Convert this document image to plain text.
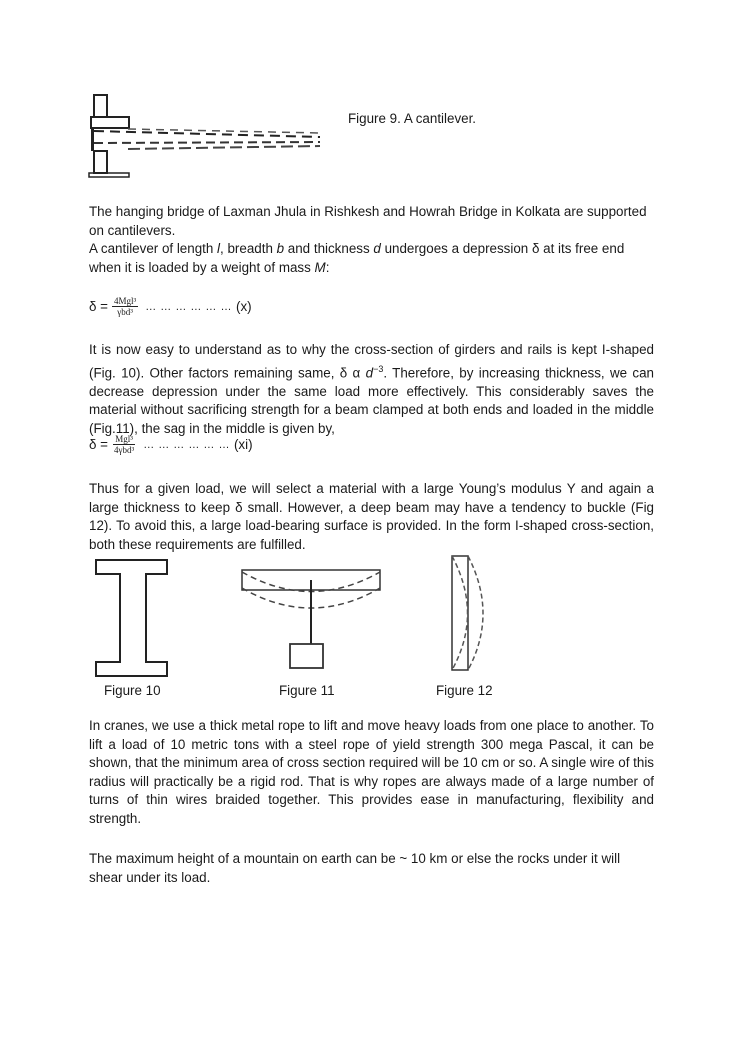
Figure 9. A cantilever.
The hanging bridge of Laxman Jhula in Rishkesh and Howrah Bridge in Kolkata are supported on cantilevers.
A cantilever of length l, breadth b and thickness d undergoes a depression δ at its free end when it is loaded by a weight of mass M:
$\delta = \frac{\text{4Mgl³}}{\text{γbd³}}$ … … … … … … (x)
It is now easy to understand as to why the cross-section of girders and rails is kept I-shaped (Fig. 10). Other factors remaining same, δ α $d^{-3}$. Therefore, by increasing thickness, we can decrease depression under the same load more effectively. This considerably saves the material without sacrificing strength for a beam clamped at both ends and loaded in the middle (Fig.11), the sag in the middle is given by,
$\delta = \frac{\text{Mgl³}}{\text{4γbd³}}$ … … … … … … (xi)
Thus for a given load, we will select a material with a large Young’s modulus Y and again a large thickness to keep δ small. However, a deep beam may have a tendency to buckle (Fig 12). To avoid this, a large load-bearing surface is provided. In the form I-shaped cross-section, both these requirements are fulfilled.
Figure 10	Figure 11	Figure 12
In cranes, we use a thick metal rope to lift and move heavy loads from one place to another. To lift a load of 10 metric tons with a steel rope of yield strength 300 mega Pascal, it can be shown, that the minimum area of cross section required will be 10 cm or so. A single wire of this radius will practically be a rigid rod. That is why ropes are always made of a large number of turns of thin wires braided together. This provides ease in manufacturing, flexibility and strength.
The maximum height of a mountain on earth can be ~ 10 km or else the rocks under it will shear under its load.
